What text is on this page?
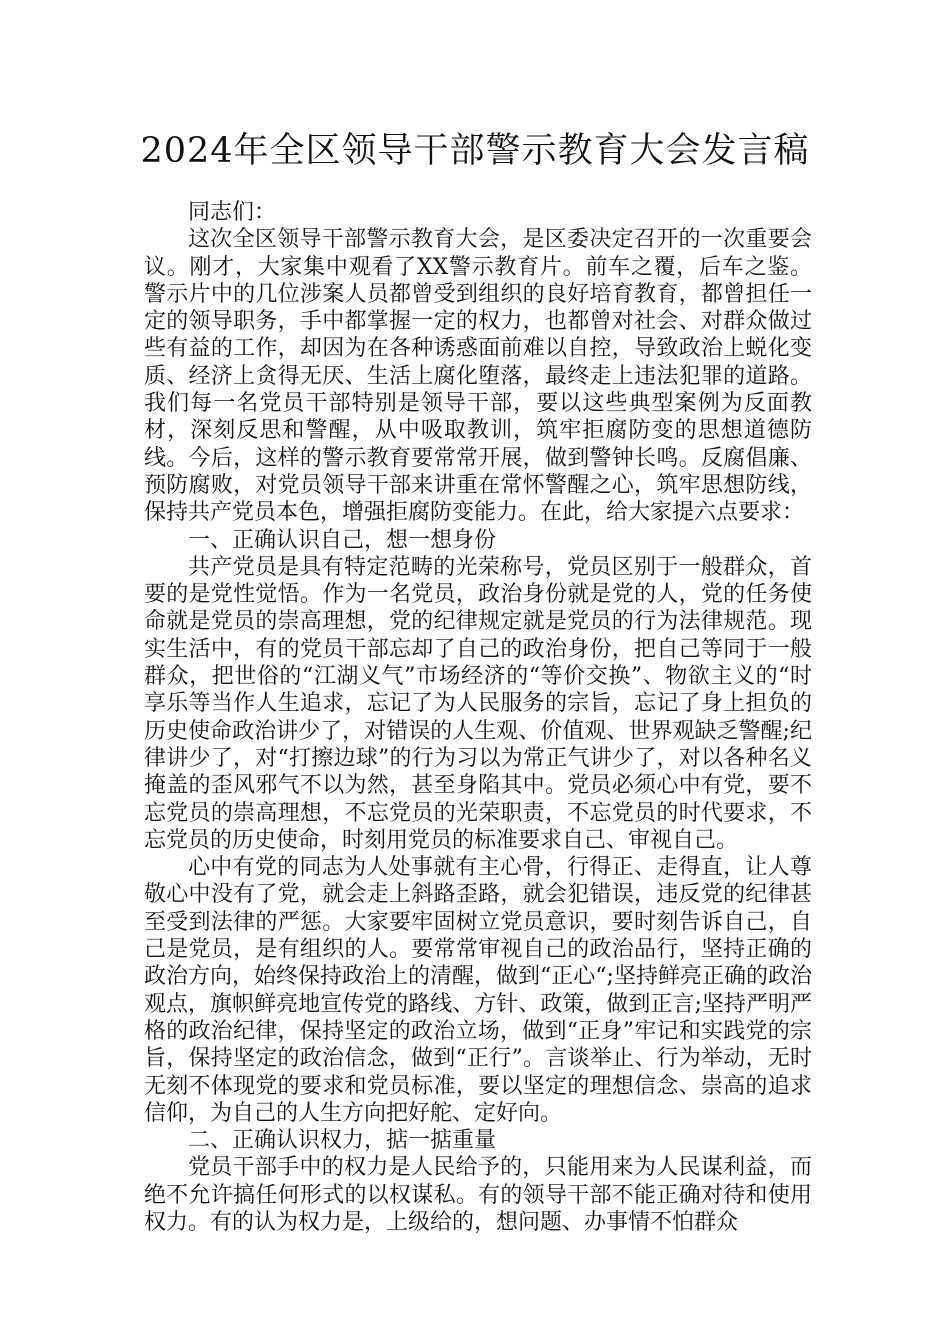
2024年全区领导干部警示教育大会发言稿

同志们：

这次全区领导干部警示教育大会，是区委决定召开的一次重要会议。刚才，大家集中观看了XX警示教育片。前车之覆，后车之鉴。警示片中的几位涉案人员都曾受到组织的良好培育教育，都曾担任一定的领导职务，手中都掌握一定的权力，也都曾对社会、对群众做过些有益的工作，却因为在各种诱惑面前难以自控，导致政治上蜕化变质、经济上贪得无厌、生活上腐化堕落，最终走上违法犯罪的道路。我们每一名党员干部特别是领导干部，要以这些典型案例为反面教材，深刻反思和警醒，从中吸取教训，筑牢拒腐防变的思想道德防线。今后，这样的警示教育要常常开展，做到警钟长鸣。反腐倡廉、预防腐败，对党员领导干部来讲重在常怀警醒之心，筑牢思想防线，保持共产党员本色，增强拒腐防变能力。在此，给大家提六点要求：

一、正确认识自己，想一想身份

共产党员是具有特定范畴的光荣称号，党员区别于一般群众，首要的是党性觉悟。作为一名党员，政治身份就是党的人，党的任务使命就是党员的崇高理想，党的纪律规定就是党员的行为法律规范。现实生活中，有的党员干部忘却了自己的政治身份，把自己等同于一般群众，把世俗的“江湖义气”市场经济的“等价交换”、物欲主义的“时享乐等当作人生追求，忘记了为人民服务的宗旨，忘记了身上担负的历史使命政治讲少了，对错误的人生观、价值观、世界观缺乏警醒;纪律讲少了，对“打擦边球”的行为习以为常正气讲少了，对以各种名义掩盖的歪风邪气不以为然，甚至身陷其中。党员必须心中有党，要不忘党员的崇高理想，不忘党员的光荣职责，不忘党员的时代要求，不忘党员的历史使命，时刻用党员的标准要求自己、审视自己。

心中有党的同志为人处事就有主心骨，行得正、走得直，让人尊敬心中没有了党，就会走上斜路歪路，就会犯错误，违反党的纪律甚至受到法律的严惩。大家要牢固树立党员意识，要时刻告诉自己，自己是党员，是有组织的人。要常常审视自己的政治品行，坚持正确的政治方向，始终保持政治上的清醒，做到“正心“;坚持鲜亮正确的政治观点，旗帜鲜亮地宣传党的路线、方针、政策，做到正言;坚持严明严格的政治纪律，保持坚定的政治立场，做到“正身”牢记和实践党的宗旨，保持坚定的政治信念，做到“正行”。言谈举止、行为举动，无时无刻不体现党的要求和党员标准，要以坚定的理想信念、崇高的追求信仰，为自己的人生方向把好舵、定好向。

二、正确认识权力，掂一掂重量

党员干部手中的权力是人民给予的，只能用来为人民谋利益，而绝不允许搞任何形式的以权谋私。有的领导干部不能正确对待和使用权力。有的认为权力是，上级给的，想问题、办事情不怕群众
